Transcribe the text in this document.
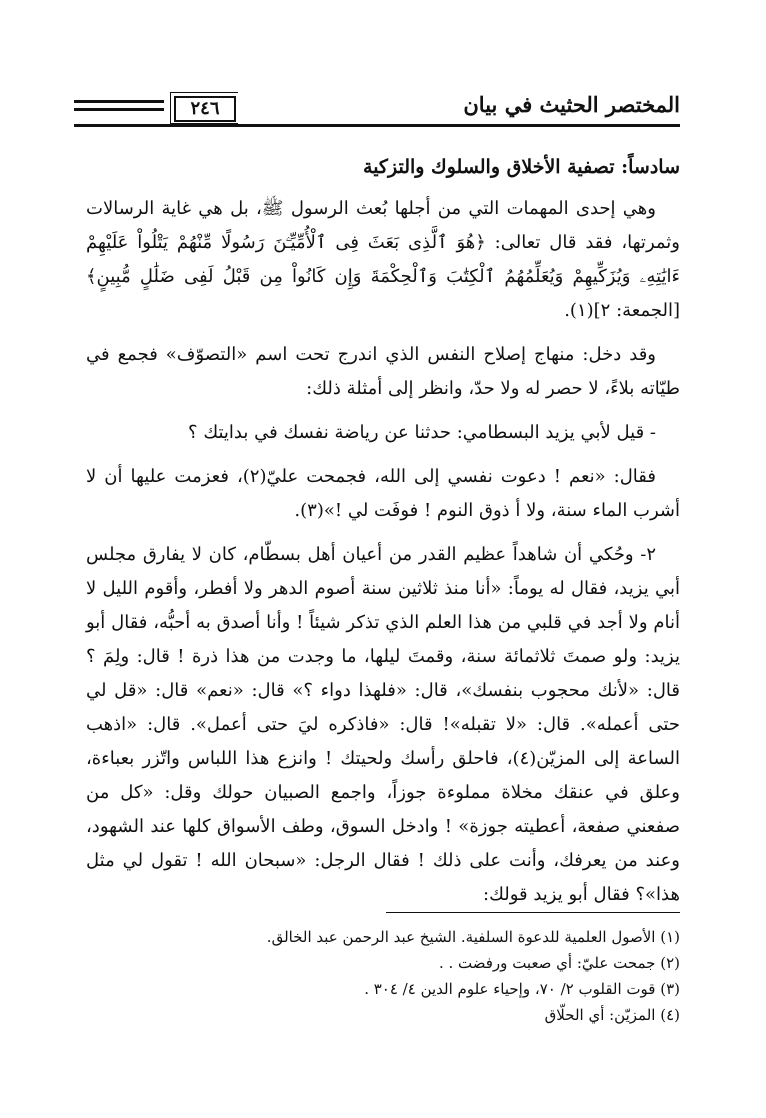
المختصر الحثيث في بيان
٢٤٦
سادساً: تصفية الأخلاق والسلوك والتزكية

وهي إحدى المهمات التي من أجلها بُعث الرسول ﷺ، بل هي غاية الرسالات وثمرتها، فقد قال تعالى: ﴿هُوَ ٱلَّذِى بَعَثَ فِى ٱلْأُمِّيِّـۧنَ رَسُولًا مِّنْهُمْ يَتْلُواْ عَلَيْهِمْ ءَايَٰتِهِۦ وَيُزَكِّيهِمْ وَيُعَلِّمُهُمُ ٱلْكِتَٰبَ وَٱلْحِكْمَةَ وَإِن كَانُواْ مِن قَبْلُ لَفِى ضَلَٰلٍ مُّبِينٍ﴾ [الجمعة: ٢](١).

وقد دخل: منهاج إصلاح النفس الذي اندرج تحت اسم «التصوّف» فجمع في طيّاته بلاءً، لا حصر له ولا حدّ، وانظر إلى أمثلة ذلك:

- قيل لأبي يزيد البسطامي: حدثنا عن رياضة نفسك في بدايتك ؟

فقال: «نعم ! دعوت نفسي إلى الله، فجمحت عليّ(٢)، فعزمت عليها أن لا أشرب الماء سنة، ولا أ ذوق النوم ! فوفَت لي !»(٣).

٢- وحُكي أن شاهداً عظيم القدر من أعيان أهل بسطّام، كان لا يفارق مجلس أبي يزيد، فقال له يوماً: «أنا منذ ثلاثين سنة أصوم الدهر ولا أفطر، وأقوم الليل لا أنام ولا أجد في قلبي من هذا العلم الذي تذكر شيئاً ! وأنا أصدق به أحبُّه، فقال أبو يزيد: ولو صمتَ ثلاثمائة سنة، وقمتَ ليلها، ما وجدت من هذا ذرة ! قال: ولِمَ ؟ قال: «لأنك محجوب بنفسك»، قال: «فلهذا دواء ؟» قال: «نعم» قال: «قل لي حتى أعمله». قال: «لا تقبله»! قال: «فاذكره ليَ حتى أعمل». قال: «اذهب الساعة إلى المزيّن(٤)، فاحلق رأسك ولحيتك ! وانزع هذا اللباس واتّزر بعباءة، وعلق في عنقك مخلاة مملوءة جوزاً، واجمع الصبيان حولك وقل: «كل من صفعني صفعة، أعطيته جوزة» ! وادخل السوق، وطف الأسواق كلها عند الشهود، وعند من يعرفك، وأنت على ذلك ! فقال الرجل: «سبحان الله ! تقول لي مثل هذا»؟ فقال أبو يزيد قولك:

(١) الأصول العلمية للدعوة السلفية. الشيخ عبد الرحمن عبد الخالق.

(٢) جمحت عليّ: أي صعبت ورفضت . .

(٣) قوت القلوب ٢/ ٧٠، وإحياء علوم الدين ٤/ ٣٠٤ .

(٤) المزيّن: أي الحلّاق
